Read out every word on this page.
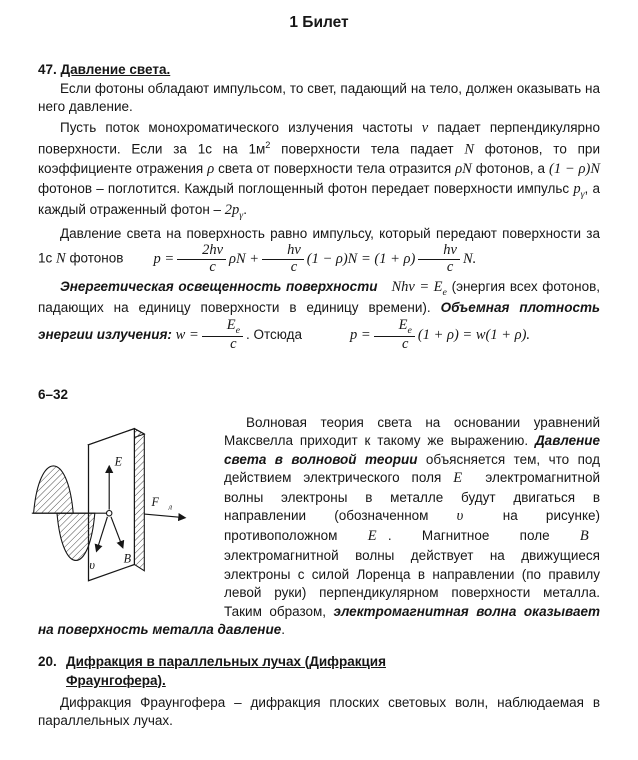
1 Билет
47. Давление света.

Если фотоны обладают импульсом, то свет, падающий на тело, должен оказывать на него давление.

Пусть поток монохроматического излучения частоты ν падает перпендикулярно поверхности. Если за 1с на $1м^2$ поверхности тела падает N фотонов, то при коэффициенте отражения ρ света от поверхности тела отразится ρN фотонов, а (1 − ρ)N фотонов – поглотится. Каждый поглощенный фотон передает поверхности импульс $p_\gamma$, а каждый отраженный фотон – $2p_\gamma$.

Давление света на поверхность равно импульсу, который передают поверхности за 1с N фотонов $p = \frac{2h\nu}{c}$ $\rho N + \frac{h\nu}{c} (1 - \rho)N = (1 + \rho) \frac{h\nu}{c} N$.

Энергетическая освещенность поверхности $Nh\nu = E_e$ (энергия всех фотонов, падающих на единицу поверхности в единицу времени). Объемная плотность энергии излучения: $w = \frac{E_e}{c}$ . Отсюда	$p = \frac{E_e}{c} (1 + \rho) = w(1 + \rho)$.

6–32
E⃗
υ⃗ B⃗
$F⃗_л$
Волновая теория света на основании уравнений Максвелла приходит к такому же выражению. Давление света в волновой теории объясняется тем, что под действием электрического поля E⃗ электромагнитной волны электроны в металле будут двигаться в направлении (обозначенном υ⃗ на рисунке) противоположном E⃗. Магнитное поле B⃗ электромагнитной волны действует на движущиеся электроны с силой Лоренца в направлении (по правилу левой руки) перпендикулярном поверхности металла. Таким образом, электромагнитная волна оказывает на поверхность металла давление.
20. Дифракция в параллельных лучах (Дифракция Фраунгофера).

Дифракция Фраунгофера – дифракция плоских световых волн, наблюдаемая в параллельных лучах.
